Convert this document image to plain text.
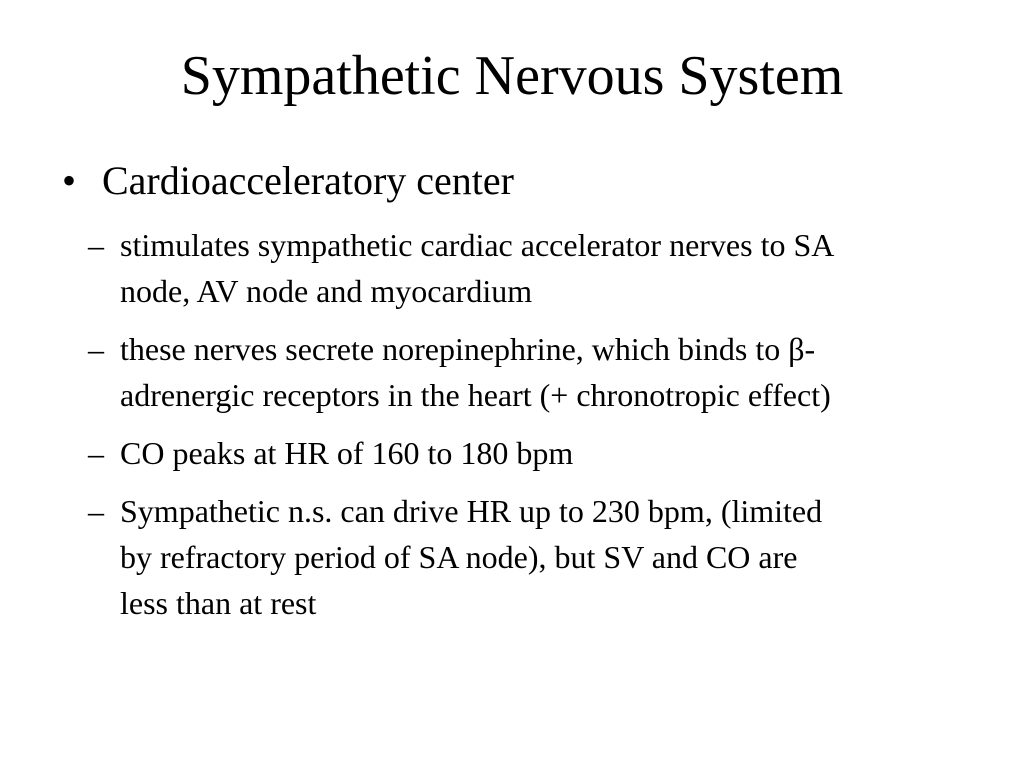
Sympathetic Nervous System
• Cardioacceleratory center
– stimulates sympathetic cardiac accelerator nerves to SA
node, AV node and myocardium
– these nerves secrete norepinephrine, which binds to β-
adrenergic receptors in the heart (+ chronotropic effect)
– CO peaks at HR of 160 to 180 bpm
– Sympathetic n.s. can drive HR up to 230 bpm, (limited
by refractory period of SA node), but SV and CO are
less than at rest
